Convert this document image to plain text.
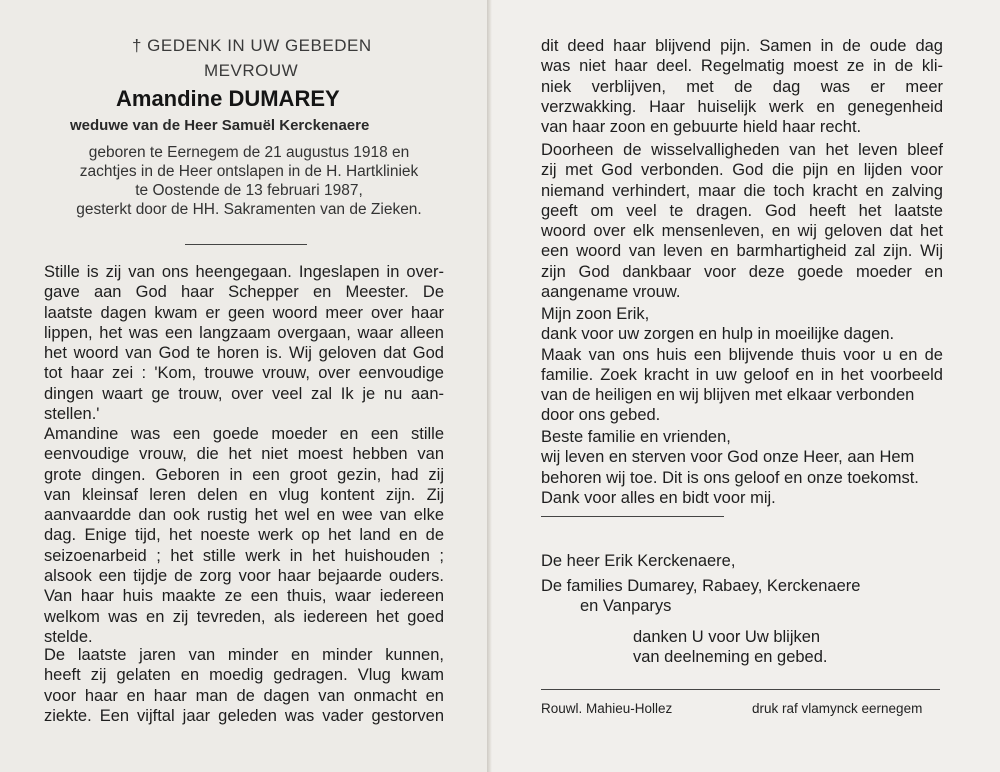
† GEDENK IN UW GEBEDEN
MEVROUW
Amandine DUMAREY
weduwe van de Heer Samuël Kerckenaere
geboren te Eernegem de 21 augustus 1918 en
zachtjes in de Heer ontslapen in de H. Hartkliniek
te Oostende de 13 februari 1987,
gesterkt door de HH. Sakramenten van de Zieken.
Stille is zij van ons heengegaan. Ingeslapen in over-
gave aan God haar Schepper en Meester. De
laatste dagen kwam er geen woord meer over haar
lippen, het was een langzaam overgaan, waar alleen
het woord van God te horen is. Wij geloven dat God
tot haar zei : 'Kom, trouwe vrouw, over eenvoudige
dingen waart ge trouw, over veel zal Ik je nu aan-
stellen.'
Amandine was een goede moeder en een stille
eenvoudige vrouw, die het niet moest hebben van
grote dingen. Geboren in een groot gezin, had zij
van kleinsaf leren delen en vlug kontent zijn. Zij
aanvaardde dan ook rustig het wel en wee van elke
dag. Enige tijd, het noeste werk op het land en de
seizoenarbeid ; het stille werk in het huishouden ;
alsook een tijdje de zorg voor haar bejaarde ouders.
Van haar huis maakte ze een thuis, waar iedereen
welkom was en zij tevreden, als iedereen het goed
stelde.
De laatste jaren van minder en minder kunnen,
heeft zij gelaten en moedig gedragen. Vlug kwam
voor haar en haar man de dagen van onmacht en
ziekte. Een vijftal jaar geleden was vader gestorven
dit deed haar blijvend pijn. Samen in de oude dag
was niet haar deel. Regelmatig moest ze in de kli-
niek verblijven, met de dag was er meer
verzwakking. Haar huiselijk werk en genegenheid
van haar zoon en gebuurte hield haar recht.
Doorheen de wisselvalligheden van het leven bleef
zij met God verbonden. God die pijn en lijden voor
niemand verhindert, maar die toch kracht en zalving
geeft om veel te dragen. God heeft het laatste
woord over elk mensenleven, en wij geloven dat het
een woord van leven en barmhartigheid zal zijn. Wij
zijn God dankbaar voor deze goede moeder en
aangename vrouw.
Mijn zoon Erik,
dank voor uw zorgen en hulp in moeilijke dagen.
Maak van ons huis een blijvende thuis voor u en de
familie. Zoek kracht in uw geloof en in het voorbeeld
van de heiligen en wij blijven met elkaar verbonden
door ons gebed.
Beste familie en vrienden,
wij leven en sterven voor God onze Heer, aan Hem
behoren wij toe. Dit is ons geloof en onze toekomst.
Dank voor alles en bidt voor mij.
De heer Erik Kerckenaere,
De families Dumarey, Rabaey, Kerckenaere
en Vanparys
danken U voor Uw blijken
van deelneming en gebed.
Rouwl. Mahieu-Hollez	druk raf vlamynck eernegem
